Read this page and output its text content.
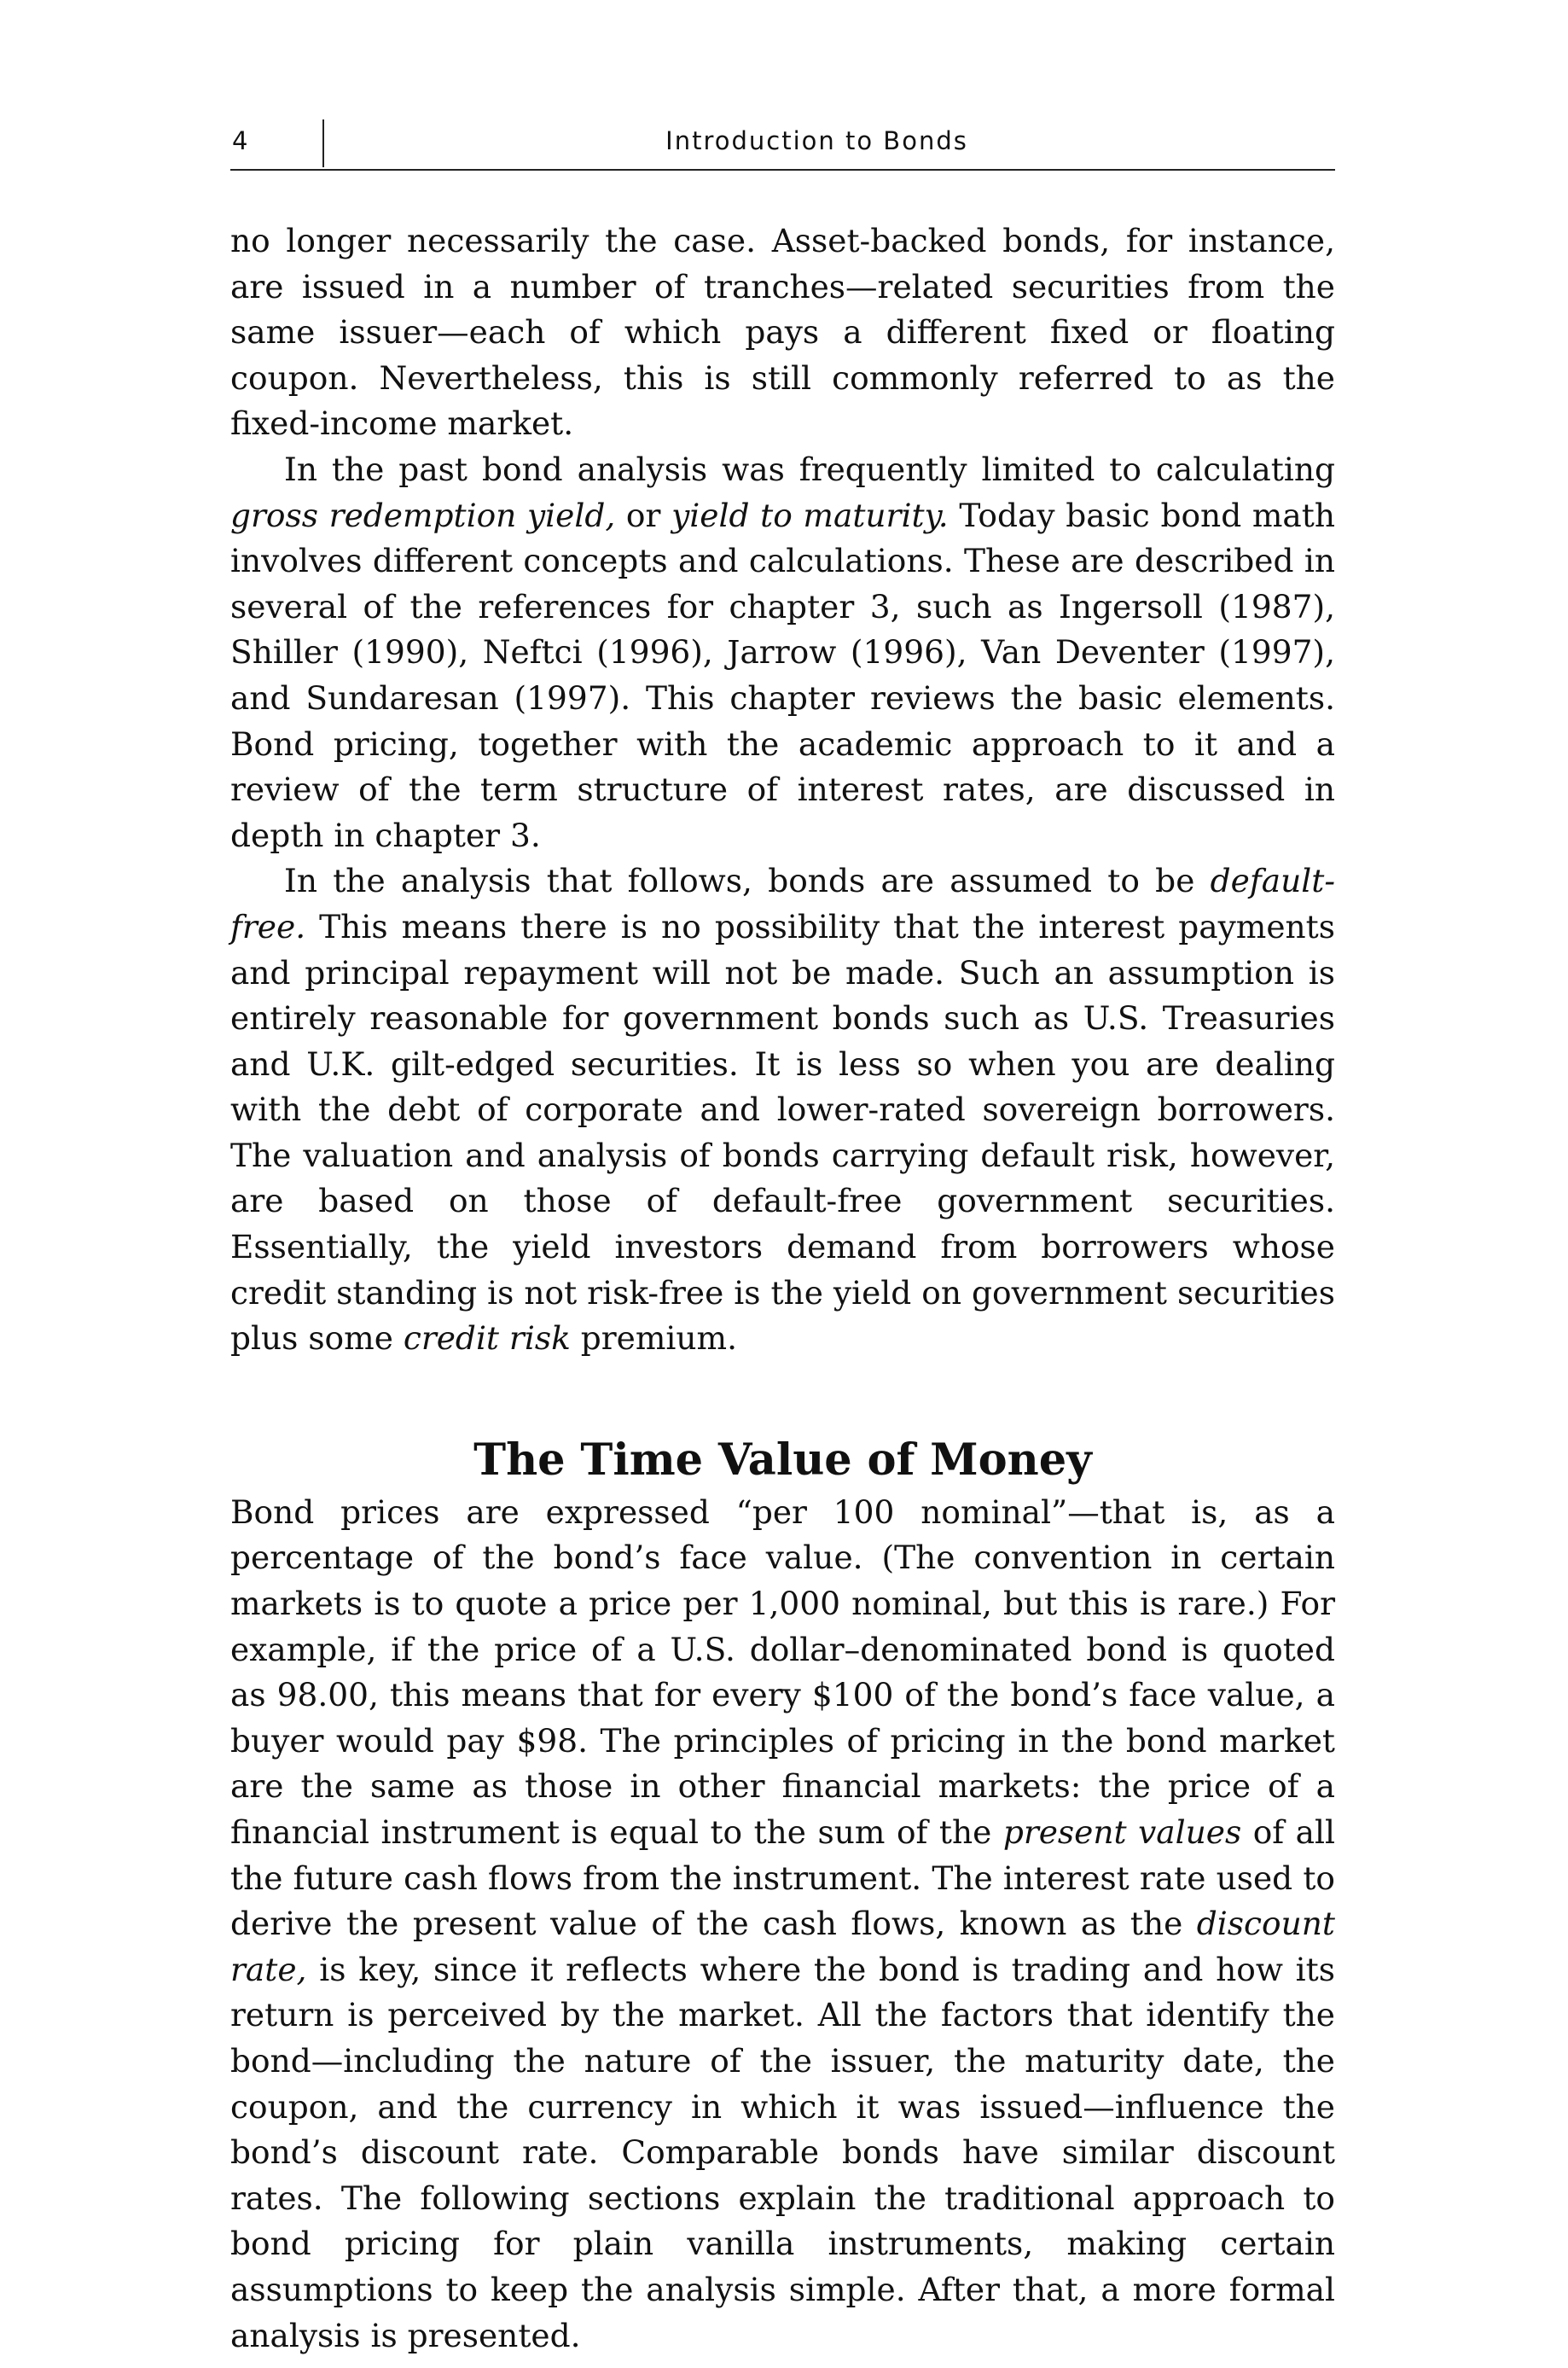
4	Introduction to Bonds

no longer necessarily the case. Asset-backed bonds, for instance, are issued in a number of tranches—related securities from the same issuer—each of which pays a different fixed or floating coupon. Nevertheless, this is still commonly referred to as the fixed-income market.

In the past bond analysis was frequently limited to calculating gross redemption yield, or yield to maturity. Today basic bond math involves different concepts and calculations. These are described in several of the references for chapter 3, such as Ingersoll (1987), Shiller (1990), Neftci (1996), Jarrow (1996), Van Deventer (1997), and Sundaresan (1997). This chapter reviews the basic elements. Bond pricing, together with the academic approach to it and a review of the term structure of interest rates, are discussed in depth in chapter 3.

In the analysis that follows, bonds are assumed to be default-free. This means there is no possibility that the interest payments and principal repayment will not be made. Such an assumption is entirely reasonable for government bonds such as U.S. Treasuries and U.K. gilt-edged securities. It is less so when you are dealing with the debt of corporate and lower-rated sovereign borrowers. The valuation and analysis of bonds carrying default risk, however, are based on those of default-free government securities. Essentially, the yield investors demand from borrowers whose credit standing is not risk-free is the yield on government securities plus some credit risk premium.

The Time Value of Money

Bond prices are expressed “per 100 nominal”—that is, as a percentage of the bond’s face value. (The convention in certain markets is to quote a price per 1,000 nominal, but this is rare.) For example, if the price of a U.S. dollar–denominated bond is quoted as 98.00, this means that for every $100 of the bond’s face value, a buyer would pay $98. The principles of pricing in the bond market are the same as those in other financial markets: the price of a financial instrument is equal to the sum of the present values of all the future cash flows from the instrument. The interest rate used to derive the present value of the cash flows, known as the discount rate, is key, since it reflects where the bond is trading and how its return is perceived by the market. All the factors that identify the bond—including the nature of the issuer, the maturity date, the coupon, and the currency in which it was issued—influence the bond’s discount rate. Comparable bonds have similar discount rates. The following sections explain the traditional approach to bond pricing for plain vanilla instruments, making certain assumptions to keep the analysis simple. After that, a more formal analysis is presented.
